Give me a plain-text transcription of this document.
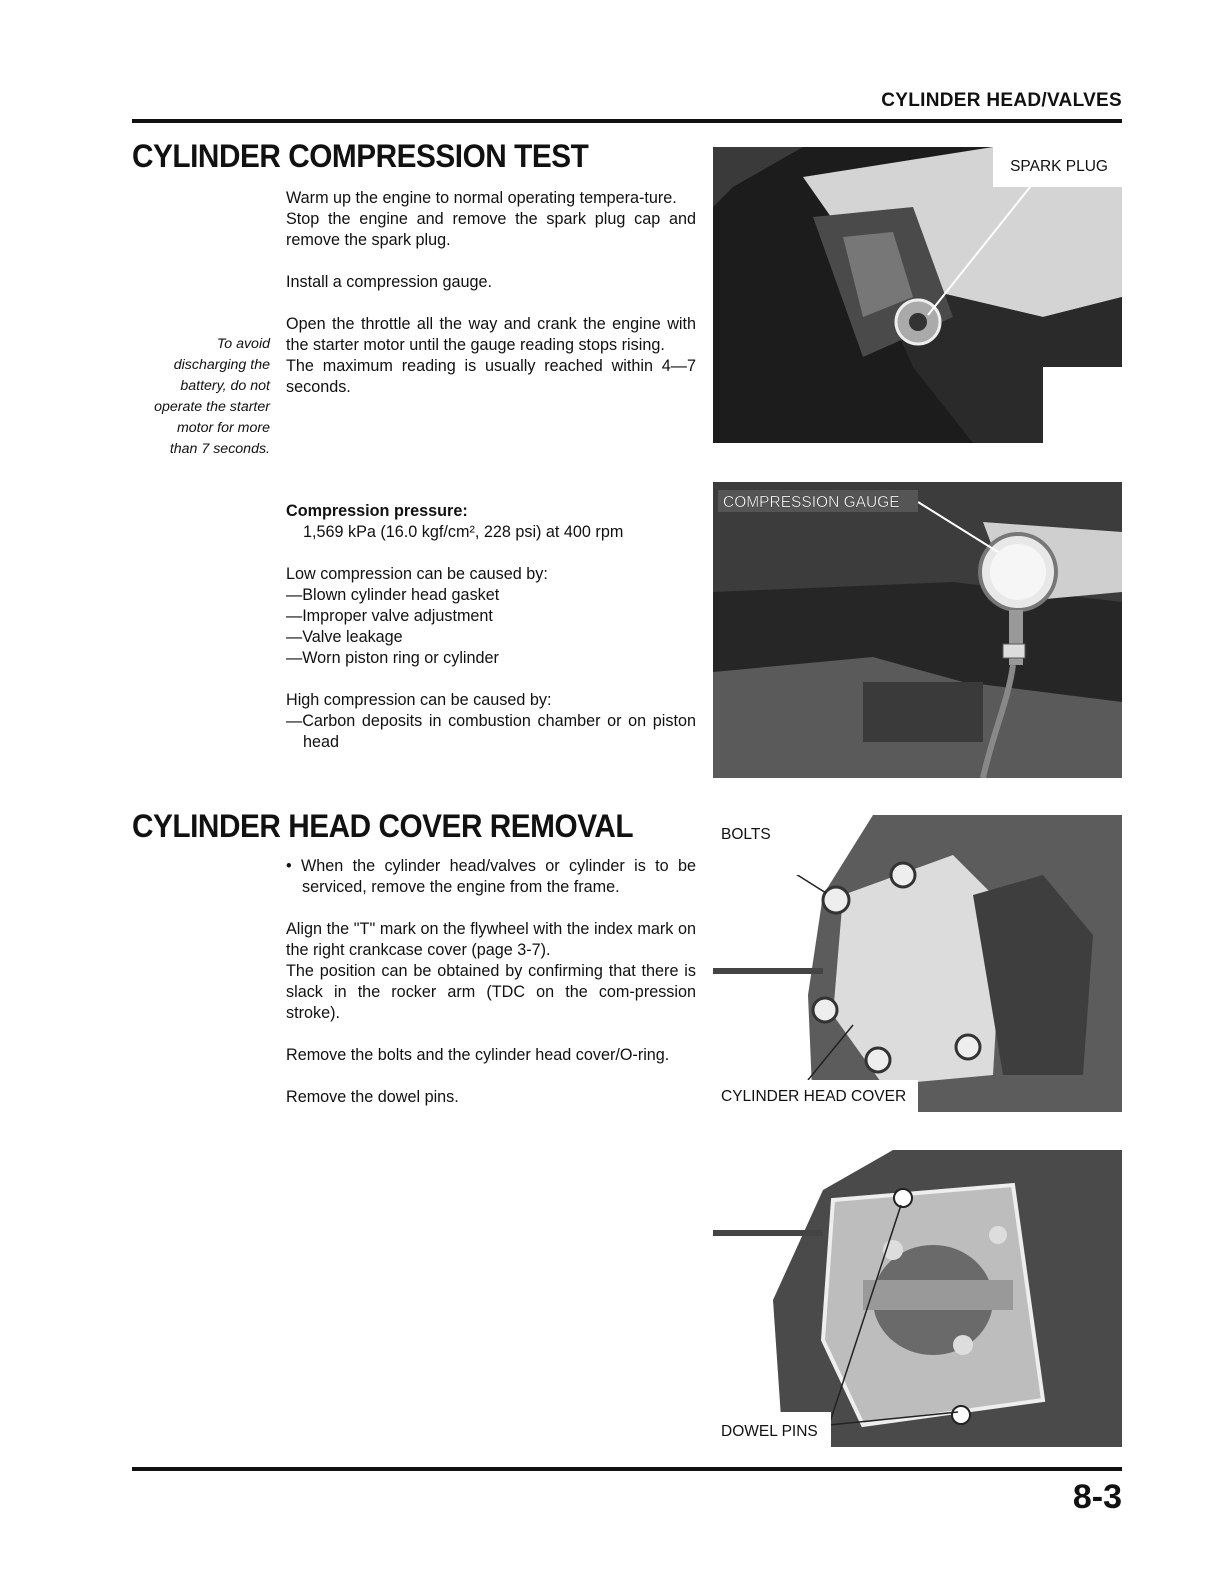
CYLINDER HEAD/VALVES
CYLINDER COMPRESSION TEST

Warm up the engine to normal operating tempera-ture.

Stop the engine and remove the spark plug cap and remove the spark plug.

Install a compression gauge.

Open the throttle all the way and crank the engine with the starter motor until the gauge reading stops rising.

The maximum reading is usually reached within 4—7 seconds.

To avoid
discharging the
battery, do not
operate the starter
motor for more
than 7 seconds.

Compression pressure:

1,569 kPa (16.0 kgf/cm², 228 psi) at 400 rpm

Low compression can be caused by:

—Blown cylinder head gasket

—Improper valve adjustment

—Valve leakage

—Worn piston ring or cylinder

High compression can be caused by:

—Carbon deposits in combustion chamber or on piston head

CYLINDER HEAD COVER REMOVAL

• When the cylinder head/valves or cylinder is to be serviced, remove the engine from the frame.

Align the "T" mark on the flywheel with the index mark on the right crankcase cover (page 3-7).

The position can be obtained by confirming that there is slack in the rocker arm (TDC on the com-pression stroke).

Remove the bolts and the cylinder head cover/O-ring.

Remove the dowel pins.

SPARK PLUG
COMPRESSION GAUGE
BOLTS
CYLINDER HEAD COVER
DOWEL PINS
8-3
